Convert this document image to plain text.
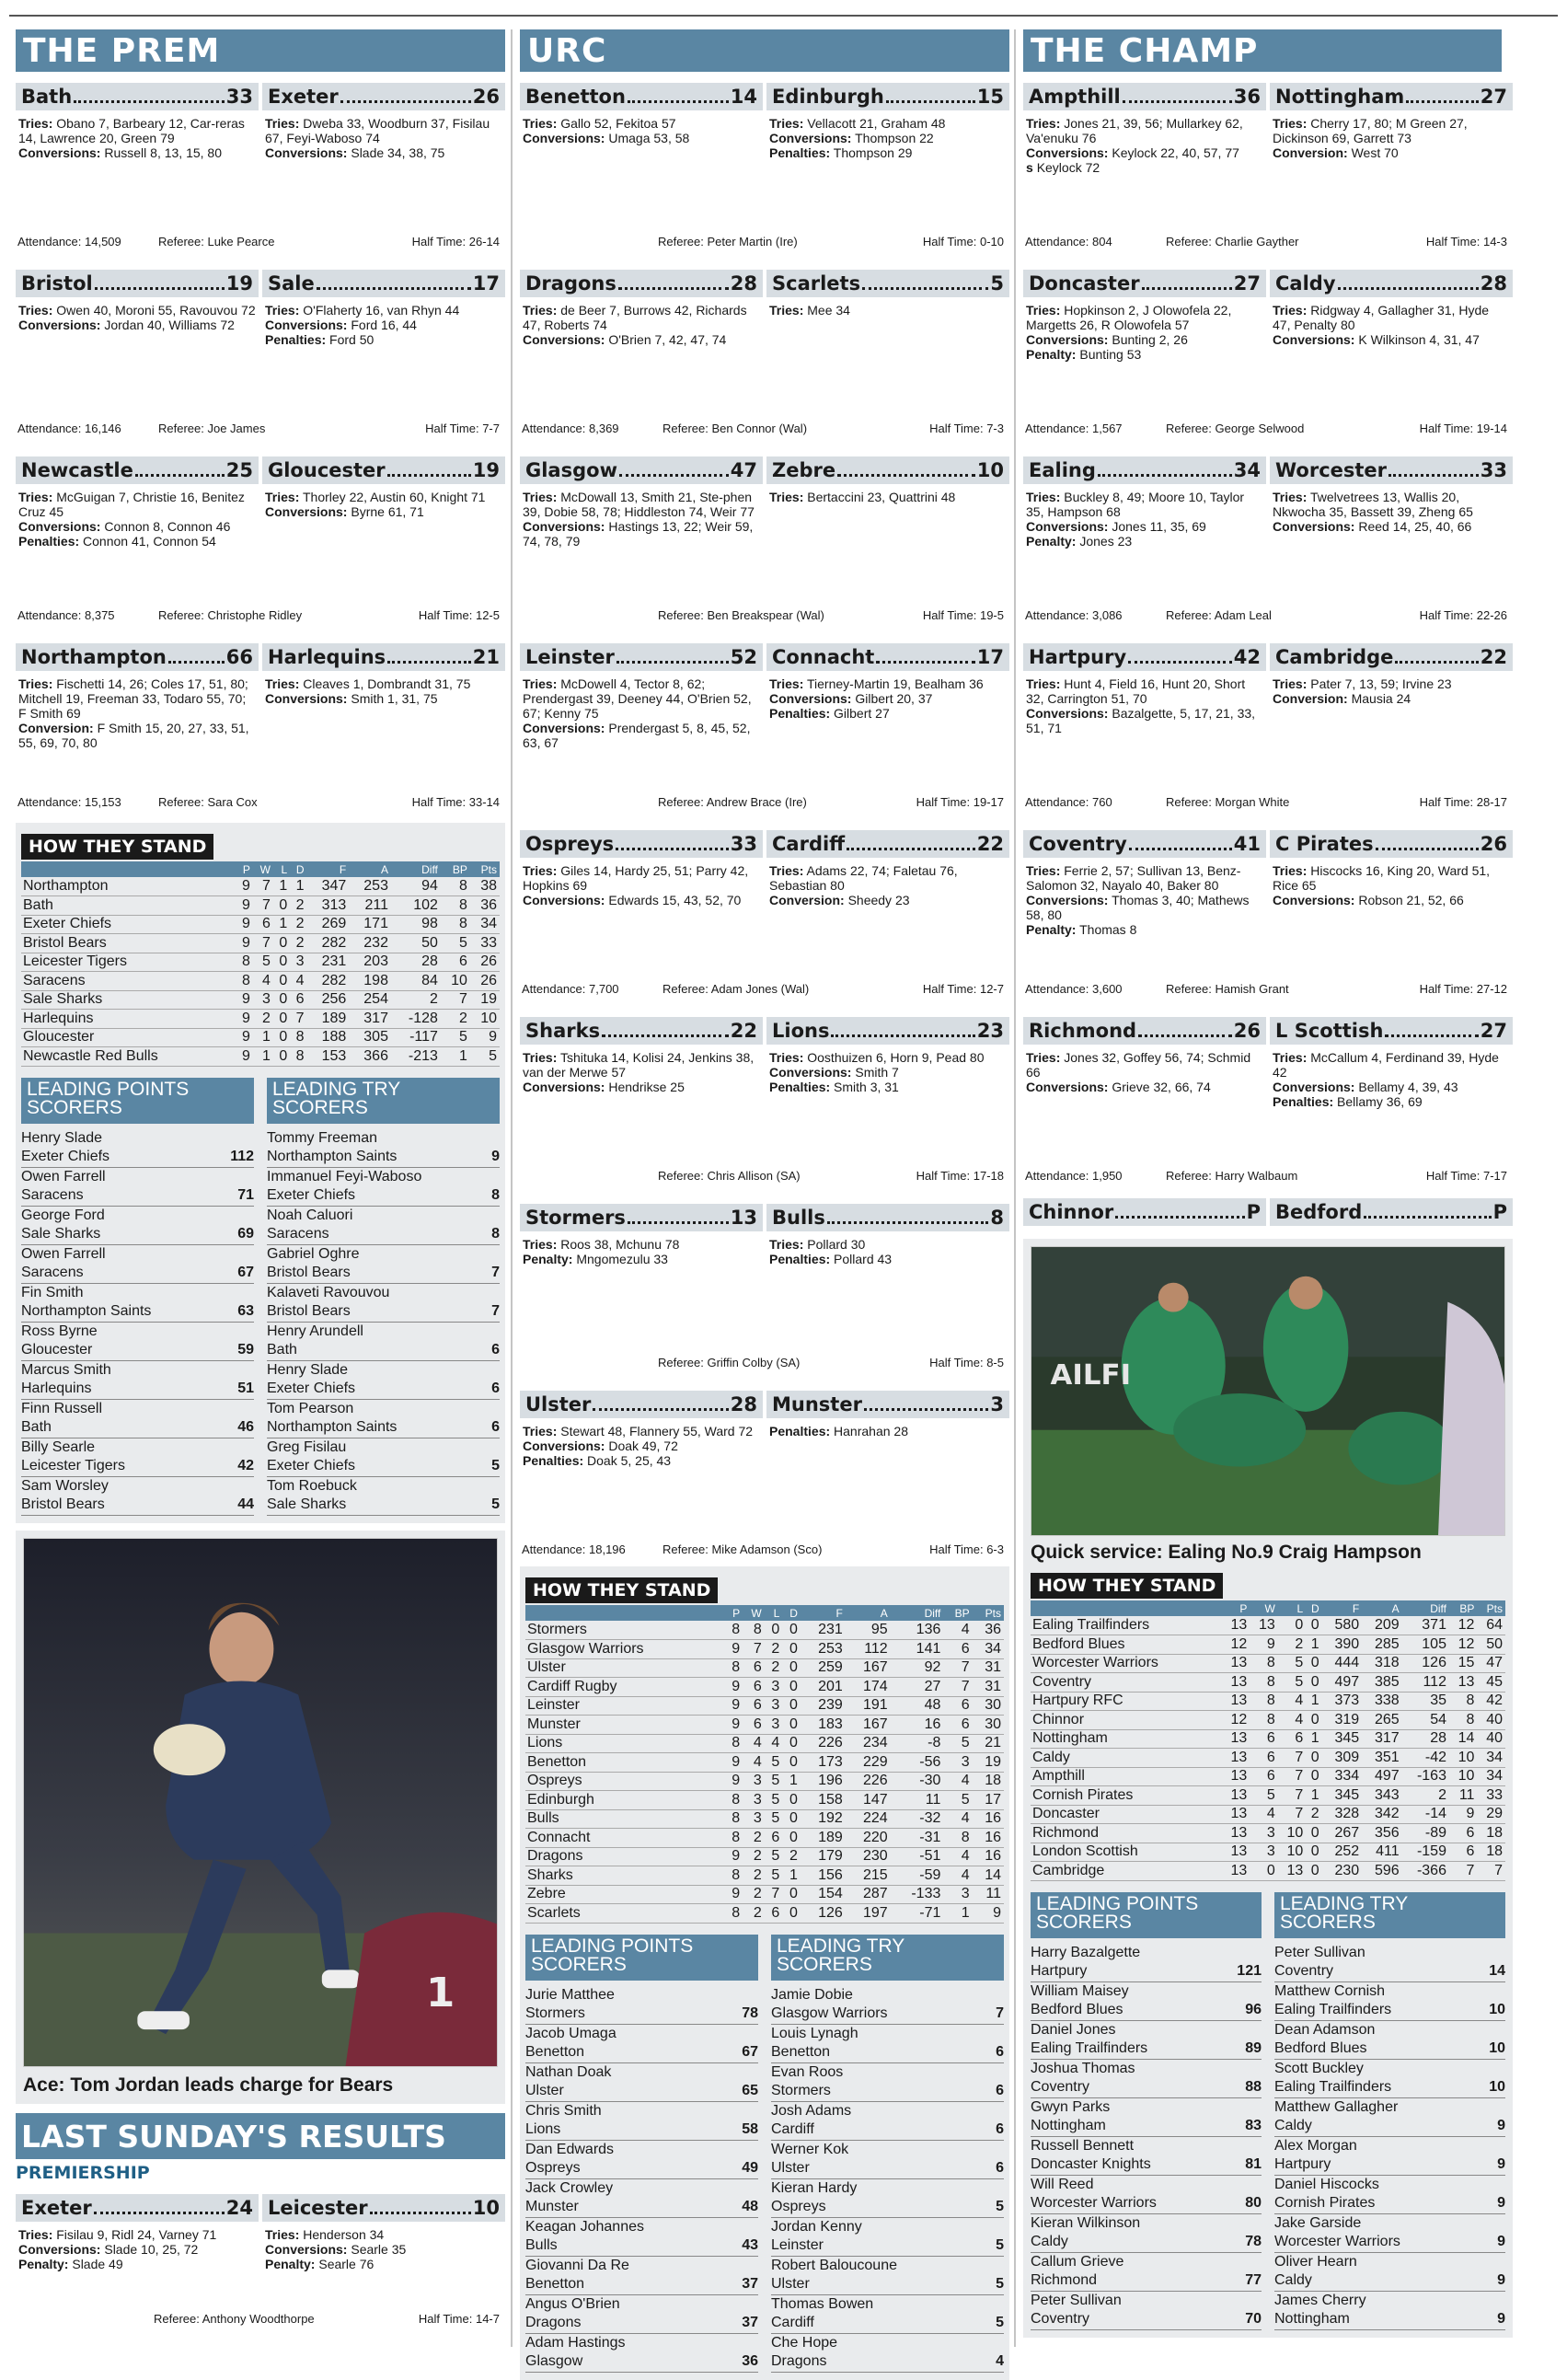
THE PREM
Bath	33 Exeter	26
Tries: Obano 7, Barbeary 12, Car-reras 14, Lawrence 20, Green 79
Conversions: Russell 8, 13, 15, 80
Tries: Dweba 33, Woodburn 37, Fisilau 67, Feyi-Waboso 74
Conversions: Slade 34, 38, 75
Attendance: 14,509	Referee: Luke Pearce	Half Time: 26-14
Bristol	19 Sale	17
Tries: Owen 40, Moroni 55, Ravouvou 72
Conversions: Jordan 40, Williams 72
Tries: O'Flaherty 16, van Rhyn 44
Conversions: Ford 16, 44
Penalties: Ford 50
Attendance: 16,146	Referee: Joe James	Half Time: 7-7
Newcastle	25 Gloucester	19
Tries: McGuigan 7, Christie 16, Benitez Cruz 45
Conversions: Connon 8, Connon 46
Penalties: Connon 41, Connon 54
Tries: Thorley 22, Austin 60, Knight 71
Conversions: Byrne 61, 71
Attendance: 8,375	Referee: Christophe Ridley	Half Time: 12-5
Northampton	66 Harlequins	21
Tries: Fischetti 14, 26; Coles 17, 51, 80; Mitchell 19, Freeman 33, Todaro 55, 70; F Smith 69
Conversion: F Smith 15, 20, 27, 33, 51, 55, 69, 70, 80
Tries: Cleaves 1, Dombrandt 31, 75
Conversions: Smith 1, 31, 75
Attendance: 15,153	Referee: Sara Cox	Half Time: 33-14
HOW THEY STAND
	P	W	L	D	F	A	Diff	BP	Pts
Northampton	9	7	1	1	347	253	94	8	38
Bath	9	7	0	2	313	211	102	8	36
Exeter Chiefs	9	6	1	2	269	171	98	8	34
Bristol Bears	9	7	0	2	282	232	50	5	33
Leicester Tigers	8	5	0	3	231	203	28	6	26
Saracens	8	4	0	4	282	198	84	10	26
Sale Sharks	9	3	0	6	256	254	2	7	19
Harlequins	9	2	0	7	189	317	-128	2	10
Gloucester	9	1	0	8	188	305	-117	5	9
Newcastle Red Bulls	9	1	0	8	153	366	-213	1	5
LEADING POINTS SCORERS
Henry Slade
Exeter Chiefs	112
Owen Farrell
Saracens	71
George Ford
Sale Sharks	69
Owen Farrell
Saracens	67
Fin Smith
Northampton Saints	63
Ross Byrne
Gloucester	59
Marcus Smith
Harlequins	51
Finn Russell
Bath	46
Billy Searle
Leicester Tigers	42
Sam Worsley
Bristol Bears	44
LEADING TRY SCORERS
Tommy Freeman
Northampton Saints	9
Immanuel Feyi-Waboso
Exeter Chiefs	8
Noah Caluori
Saracens	8
Gabriel Oghre
Bristol Bears	7
Kalaveti Ravouvou
Bristol Bears	7
Henry Arundell
Bath	6
Henry Slade
Exeter Chiefs	6
Tom Pearson
Northampton Saints	6
Greg Fisilau
Exeter Chiefs	5
Tom Roebuck
Sale Sharks	5
1
Ace: Tom Jordan leads charge for Bears
LAST SUNDAY'S RESULTS
PREMIERSHIP
Exeter	24 Leicester	10
Tries: Fisilau 9, Ridl 24, Varney 71
Conversions: Slade 10, 25, 72
Penalty: Slade 49
Tries: Henderson 34
Conversions: Searle 35
Penalty: Searle 76
Referee: Anthony Woodthorpe	Half Time: 14-7
URC
Benetton	14 Edinburgh	15
Tries: Gallo 52, Fekitoa 57
Conversions: Umaga 53, 58
Tries: Vellacott 21, Graham 48
Conversions: Thompson 22
Penalties: Thompson 29
Referee: Peter Martin (Ire)	Half Time: 0-10
Dragons	28 Scarlets	5
Tries: de Beer 7, Burrows 42, Richards 47, Roberts 74
Conversions: O'Brien 7, 42, 47, 74
Tries: Mee 34
Attendance: 8,369	Referee: Ben Connor (Wal)	Half Time: 7-3
Glasgow	47 Zebre	10
Tries: McDowall 13, Smith 21, Ste-phen 39, Dobie 58, 78; Hiddleston 74, Weir 77
Conversions: Hastings 13, 22; Weir 59, 74, 78, 79
Tries: Bertaccini 23, Quattrini 48
Referee: Ben Breakspear (Wal)	Half Time: 19-5
Leinster	52 Connacht	17
Tries: McDowell 4, Tector 8, 62; Prendergast 39, Deeney 44, O'Brien 52, 67; Kenny 75
Conversions: Prendergast 5, 8, 45, 52, 63, 67
Tries: Tierney-Martin 19, Bealham 36
Conversions: Gilbert 20, 37
Penalties: Gilbert 27
Referee: Andrew Brace (Ire)	Half Time: 19-17
Ospreys	33 Cardiff	22
Tries: Giles 14, Hardy 25, 51; Parry 42, Hopkins 69
Conversions: Edwards 15, 43, 52, 70
Tries: Adams 22, 74; Faletau 76, Sebastian 80
Conversion: Sheedy 23
Attendance: 7,700	Referee: Adam Jones (Wal)	Half Time: 12-7
Sharks	22 Lions	23
Tries: Tshituka 14, Kolisi 24, Jenkins 38, van der Merwe 57
Conversions: Hendrikse 25
Tries: Oosthuizen 6, Horn 9, Pead 80
Conversions: Smith 7
Penalties: Smith 3, 31
Referee: Chris Allison (SA)	Half Time: 17-18
Stormers	13 Bulls	8
Tries: Roos 38, Mchunu 78
Penalty: Mngomezulu 33
Tries: Pollard 30
Penalties: Pollard 43
Referee: Griffin Colby (SA)	Half Time: 8-5
Ulster	28 Munster	3
Tries: Stewart 48, Flannery 55, Ward 72
Conversions: Doak 49, 72
Penalties: Doak 5, 25, 43
Penalties: Hanrahan 28
Attendance: 18,196	Referee: Mike Adamson (Sco)	Half Time: 6-3
HOW THEY STAND
	P	W	L	D	F	A	Diff	BP	Pts
Stormers	8	8	0	0	231	95	136	4	36
Glasgow Warriors	9	7	2	0	253	112	141	6	34
Ulster	8	6	2	0	259	167	92	7	31
Cardiff Rugby	9	6	3	0	201	174	27	7	31
Leinster	9	6	3	0	239	191	48	6	30
Munster	9	6	3	0	183	167	16	6	30
Lions	8	4	4	0	226	234	-8	5	21
Benetton	9	4	5	0	173	229	-56	3	19
Ospreys	9	3	5	1	196	226	-30	4	18
Edinburgh	8	3	5	0	158	147	11	5	17
Bulls	8	3	5	0	192	224	-32	4	16
Connacht	8	2	6	0	189	220	-31	8	16
Dragons	9	2	5	2	179	230	-51	4	16
Sharks	8	2	5	1	156	215	-59	4	14
Zebre	9	2	7	0	154	287	-133	3	11
Scarlets	8	2	6	0	126	197	-71	1	9
LEADING POINTS SCORERS
Jurie Matthee
Stormers	78
Jacob Umaga
Benetton	67
Nathan Doak
Ulster	65
Chris Smith
Lions	58
Dan Edwards
Ospreys	49
Jack Crowley
Munster	48
Keagan Johannes
Bulls	43
Giovanni Da Re
Benetton	37
Angus O'Brien
Dragons	37
Adam Hastings
Glasgow	36
LEADING TRY SCORERS
Jamie Dobie
Glasgow Warriors	7
Louis Lynagh
Benetton	6
Evan Roos
Stormers	6
Josh Adams
Cardiff	6
Werner Kok
Ulster	6
Kieran Hardy
Ospreys	5
Jordan Kenny
Leinster	5
Robert Baloucoune
Ulster	5
Thomas Bowen
Cardiff	5
Che Hope
Dragons	4
THE CHAMP
Ampthill	36 Nottingham	27
Tries: Jones 21, 39, 56; Mullarkey 62, Va'enuku 76
Conversions: Keylock 22, 40, 57, 77
s Keylock 72
Tries: Cherry 17, 80; M Green 27, Dickinson 69, Garrett 73
Conversion: West 70
Attendance: 804	Referee: Charlie Gayther	Half Time: 14-3
Doncaster	27 Caldy	28
Tries: Hopkinson 2, J Olowofela 22, Margetts 26, R Olowofela 57
Conversions: Bunting 2, 26
Penalty: Bunting 53
Tries: Ridgway 4, Gallagher 31, Hyde 47, Penalty 80
Conversions: K Wilkinson 4, 31, 47
Attendance: 1,567	Referee: George Selwood	Half Time: 19-14
Ealing	34 Worcester	33
Tries: Buckley 8, 49; Moore 10, Taylor 35, Hampson 68
Conversions: Jones 11, 35, 69
Penalty: Jones 23
Tries: Twelvetrees 13, Wallis 20, Nkwocha 35, Bassett 39, Zheng 65
Conversions: Reed 14, 25, 40, 66
Attendance: 3,086	Referee: Adam Leal	Half Time: 22-26
Hartpury	42 Cambridge	22
Tries: Hunt 4, Field 16, Hunt 20, Short 32, Carrington 51, 70
Conversions: Bazalgette, 5, 17, 21, 33, 51, 71
Tries: Pater 7, 13, 59; Irvine 23
Conversion: Mausia 24
Attendance: 760	Referee: Morgan White	Half Time: 28-17
Coventry	41 C Pirates	26
Tries: Ferrie 2, 57; Sullivan 13, Benz-Salomon 32, Nayalo 40, Baker 80
Conversions: Thomas 3, 40; Mathews 58, 80
Penalty: Thomas 8
Tries: Hiscocks 16, King 20, Ward 51, Rice 65
Conversions: Robson 21, 52, 66
Attendance: 3,600	Referee: Hamish Grant	Half Time: 27-12
Richmond	26 L Scottish	27
Tries: Jones 32, Goffey 56, 74; Schmid 66
Conversions: Grieve 32, 66, 74
Tries: McCallum 4, Ferdinand 39, Hyde 42
Conversions: Bellamy 4, 39, 43
Penalties: Bellamy 36, 69
Attendance: 1,950	Referee: Harry Walbaum	Half Time: 7-17
Chinnor	P Bedford	P
AILFI
Quick service: Ealing No.9 Craig Hampson
HOW THEY STAND
	P	W	L	D	F	A	Diff	BP	Pts
Ealing Trailfinders	13	13	0	0	580	209	371	12	64
Bedford Blues	12	9	2	1	390	285	105	12	50
Worcester Warriors	13	8	5	0	444	318	126	15	47
Coventry	13	8	5	0	497	385	112	13	45
Hartpury RFC	13	8	4	1	373	338	35	8	42
Chinnor	12	8	4	0	319	265	54	8	40
Nottingham	13	6	6	1	345	317	28	14	40
Caldy	13	6	7	0	309	351	-42	10	34
Ampthill	13	6	7	0	334	497	-163	10	34
Cornish Pirates	13	5	7	1	345	343	2	11	33
Doncaster	13	4	7	2	328	342	-14	9	29
Richmond	13	3	10	0	267	356	-89	6	18
London Scottish	13	3	10	0	252	411	-159	6	18
Cambridge	13	0	13	0	230	596	-366	7	7
LEADING POINTS SCORERS
Harry Bazalgette
Hartpury	121
William Maisey
Bedford Blues	96
Daniel Jones
Ealing Trailfinders	89
Joshua Thomas
Coventry	88
Gwyn Parks
Nottingham	83
Russell Bennett
Doncaster Knights	81
Will Reed
Worcester Warriors	80
Kieran Wilkinson
Caldy	78
Callum Grieve
Richmond	77
Peter Sullivan
Coventry	70
LEADING TRY SCORERS
Peter Sullivan
Coventry	14
Matthew Cornish
Ealing Trailfinders	10
Dean Adamson
Bedford Blues	10
Scott Buckley
Ealing Trailfinders	10
Matthew Gallagher
Caldy	9
Alex Morgan
Hartpury	9
Daniel Hiscocks
Cornish Pirates	9
Jake Garside
Worcester Warriors	9
Oliver Hearn
Caldy	9
James Cherry
Nottingham	9
